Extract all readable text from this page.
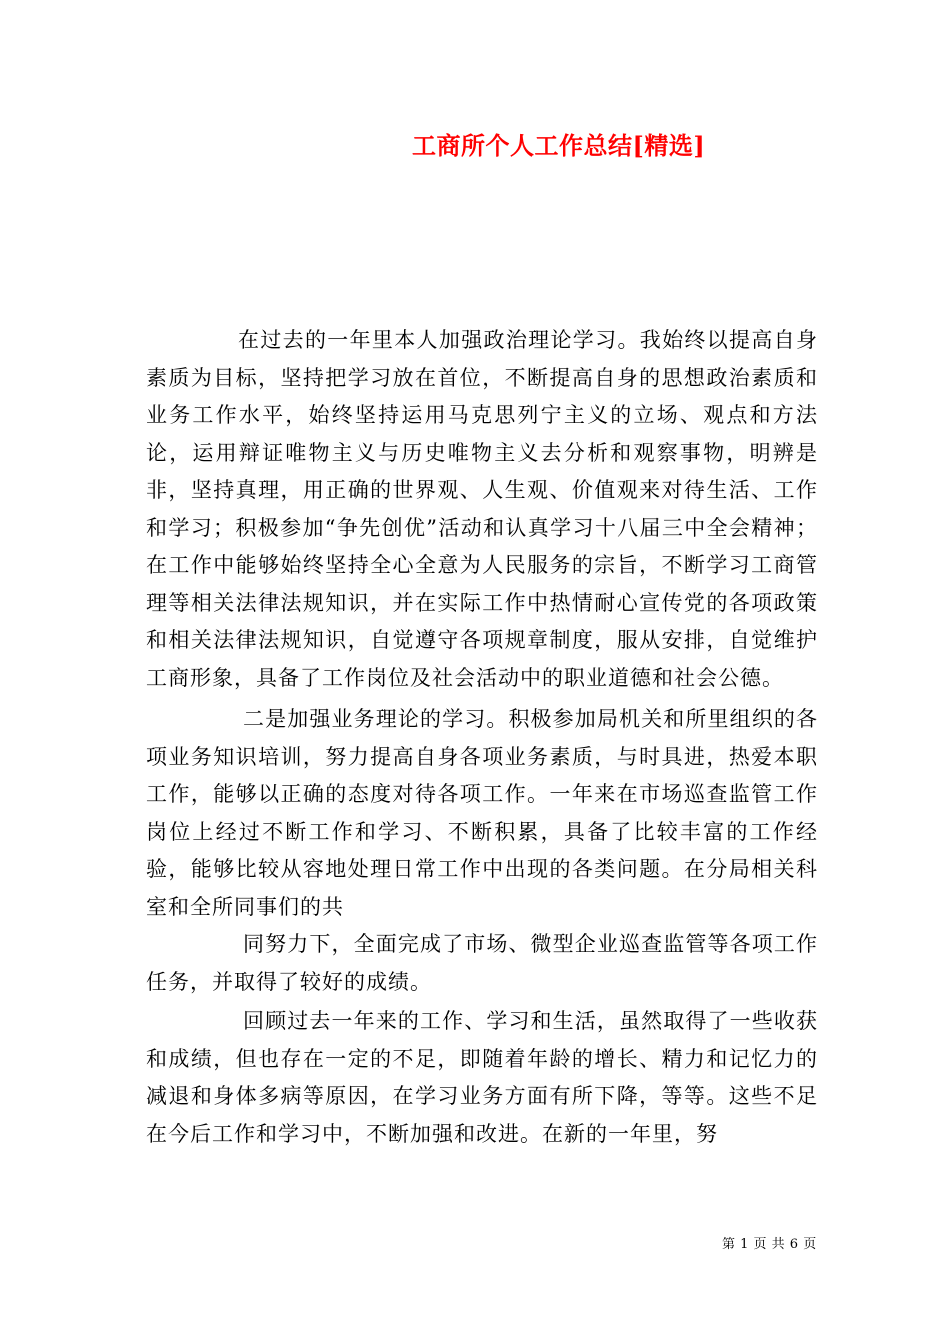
工商所个人工作总结[精选]

在过去的一年里本人加强政治理论学习。我始终以提高自身素质为目标，坚持把学习放在首位，不断提高自身的思想政治素质和业务工作水平，始终坚持运用马克思列宁主义的立场、观点和方法论，运用辩证唯物主义与历史唯物主义去分析和观察事物，明辨是非，坚持真理，用正确的世界观、人生观、价值观来对待生活、工作和学习；积极参加“争先创优”活动和认真学习十八届三中全会精神；在工作中能够始终坚持全心全意为人民服务的宗旨，不断学习工商管理等相关法律法规知识，并在实际工作中热情耐心宣传党的各项政策和相关法律法规知识，自觉遵守各项规章制度，服从安排，自觉维护工商形象，具备了工作岗位及社会活动中的职业道德和社会公德。

二是加强业务理论的学习。积极参加局机关和所里组织的各项业务知识培训，努力提高自身各项业务素质，与时具进，热爱本职工作，能够以正确的态度对待各项工作。一年来在市场巡查监管工作岗位上经过不断工作和学习、不断积累，具备了比较丰富的工作经验，能够比较从容地处理日常工作中出现的各类问题。在分局相关科室和全所同事们的共

同努力下，全面完成了市场、微型企业巡查监管等各项工作任务，并取得了较好的成绩。

回顾过去一年来的工作、学习和生活，虽然取得了一些收获和成绩，但也存在一定的不足，即随着年龄的增长、精力和记忆力的减退和身体多病等原因，在学习业务方面有所下降，等等。这些不足在今后工作和学习中，不断加强和改进。在新的一年里，努

第 1 页 共 6 页
